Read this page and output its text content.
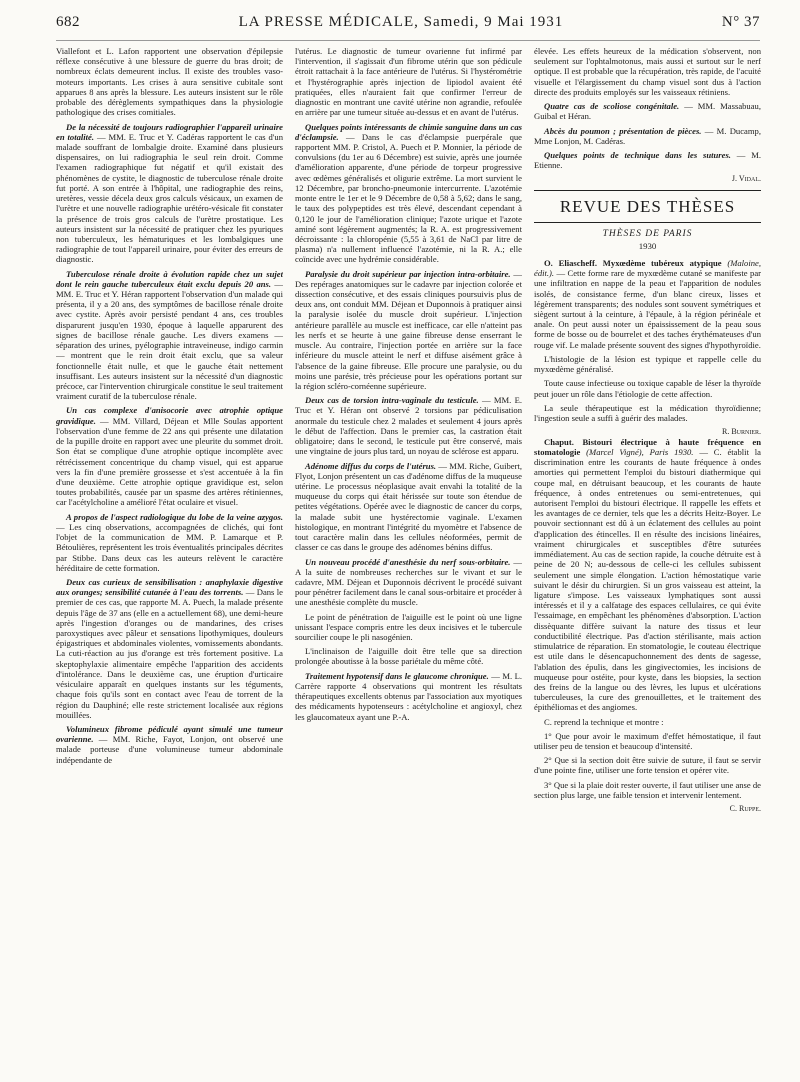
682	LA PRESSE MÉDICALE, Samedi, 9 Mai 1931	N° 37

Viallefont et L. Lafon rapportent une observation d'épilepsie réflexe consécutive à une blessure de guerre du bras droit; de nombreux éclats demeurent inclus. Il existe des troubles vaso-moteurs importants. Les crises à aura sensitive cubitale sont apparues 8 ans après la blessure. Les auteurs insistent sur le rôle probable des dérèglements sympathiques dans la physiologie pathologique des crises comitiales.

De la nécessité de toujours radiographier l'appareil urinaire en totalité. — MM. E. Truc et Y. Cadéras rapportent le cas d'un malade souffrant de lombalgie droite. Examiné dans plusieurs dispensaires, on lui radiographia le seul rein droit. Comme l'examen radiographique fut négatif et qu'il existait des phénomènes de cystite, le diagnostic de tuberculose rénale droite fut porté. A son entrée à l'hôpital, une radiographie des reins, uretères, vessie décela deux gros calculs vésicaux, un examen de l'urètre et une nouvelle radiographie urétéro-vésicale fit constater la présence de trois gros calculs de l'urètre prostatique. Les auteurs insistent sur la nécessité de pratiquer chez les pyuriques non tuberculeux, les hématuriques et les lombalgiques une radiographie de tout l'appareil urinaire, pour éviter des erreurs de diagnostic.

Tuberculose rénale droite à évolution rapide chez un sujet dont le rein gauche tuberculeux était exclu depuis 20 ans. — MM. E. Truc et Y. Héran rapportent l'observation d'un malade qui présenta, il y a 20 ans, des symptômes de bacillose rénale droite avec cystite. Après avoir persisté pendant 4 ans, ces troubles disparurent jusqu'en 1930, époque à laquelle apparurent des signes de bacillose rénale gauche. Les divers examens — séparation des urines, pyélographie intraveineuse, indigo carmin — montrent que le rein droit était exclu, que sa valeur fonctionnelle était nulle, et que le gauche était nettement insuffisant. Les auteurs insistent sur la nécessité d'un diagnostic précoce, car l'intervention chirurgicale constitue le seul traitement vraiment curatif de la tuberculose rénale.

Un cas complexe d'anisocorie avec atrophie optique gravidique. — MM. Villard, Déjean et Mlle Soulas apportent l'observation d'une femme de 22 ans qui présente une dilatation de la pupille droite en rapport avec une pleurite du sommet droit. Son état se complique d'une atrophie optique incomplète avec rétrécissement concentrique du champ visuel, qui est apparue vers la fin d'une première grossesse et s'est accentuée à la fin d'une deuxième. Cette atrophie optique gravidique est, selon toutes probabilités, causée par un spasme des artères rétiniennes, car l'acétylcholine a amélioré l'état oculaire et visuel.

A propos de l'aspect radiologique du lobe de la veine azygos. — Les cinq observations, accompagnées de clichés, qui font l'objet de la communication de MM. P. Lamarque et P. Bétoulières, représentent les trois éventualités principales décrites par Stibbe. Dans deux cas les auteurs relèvent le caractère héréditaire de cette formation.

Deux cas curieux de sensibilisation : anaphylaxie digestive aux oranges; sensibilité cutanée à l'eau des torrents. — Dans le premier de ces cas, que rapporte M. A. Puech, la malade présente depuis l'âge de 37 ans (elle en a actuellement 68), une demi-heure après l'ingestion d'oranges ou de mandarines, des crises paroxystiques avec pâleur et sensations lipothymiques, douleurs épigastriques et abdominales violentes, vomissements abondants. La cuti-réaction au jus d'orange est très fortement positive. La skeptophylaxie alimentaire empêche l'apparition des accidents d'intolérance. Dans le deuxième cas, une éruption d'urticaire vésiculaire apparaît en quelques instants sur les téguments, chaque fois qu'ils sont en contact avec l'eau de torrent de la région du Dauphiné; elle reste strictement localisée aux régions mouillées.

Volumineux fibrome pédiculé ayant simulé une tumeur ovarienne. — MM. Riche, Fayot, Lonjon, ont observé une malade porteuse d'une volumineuse tumeur abdominale indépendante de

l'utérus. Le diagnostic de tumeur ovarienne fut infirmé par l'intervention, il s'agissait d'un fibrome utérin que son pédicule étroit rattachait à la face antérieure de l'utérus. Si l'hystérométrie et l'hystérographie après injection de lipiodol avaient été pratiquées, elles n'auraient fait que confirmer l'erreur de diagnostic en montrant une cavité utérine non agrandie, refoulée en arrière par une tumeur située au-dessus et en avant de l'utérus.

Quelques points intéressants de chimie sanguine dans un cas d'éclampsie. — Dans le cas d'éclampsie puerpérale que rapportent MM. P. Cristol, A. Puech et P. Monnier, la période de convulsions (du 1er au 6 Décembre) est suivie, après une journée d'amélioration apparente, d'une période de torpeur progressive avec œdèmes généralisés et oligurie extrême. La mort survient le 12 Décembre, par broncho-pneumonie intercurrente. L'azotémie monte entre le 1er et le 9 Décembre de 0,58 à 5,62; dans le sang, le taux des polypeptides est très élevé, descendant cependant à 0,120 le jour de l'amélioration clinique; l'azote urique et l'azote aminé sont légèrement augmentés; la R. A. est progressivement décroissante : la chloropénie (5,55 à 3,61 de NaCl par litre de plasma) n'a nullement influencé l'azotémie, ni la R. A.; elle coïncide avec une hydrémie considérable.

Paralysie du droit supérieur par injection intra-orbitaire. — Des repérages anatomiques sur le cadavre par injection colorée et dissection consécutive, et des essais cliniques poursuivis plus de deux ans, ont conduit MM. Déjean et Duponnois à pratiquer ainsi la paralysie isolée du muscle droit supérieur. L'injection antérieure parallèle au muscle est inefficace, car elle n'atteint pas les nerfs et se heurte à une gaine fibreuse dense enserrant le muscle. Au contraire, l'injection portée en arrière sur la face inférieure du muscle atteint le nerf et diffuse aisément grâce à l'absence de la gaine fibreuse. Elle procure une paralysie, ou du moins une parésie, très précieuse pour les opérations portant sur la région scléro-cornéenne supérieure.

Deux cas de torsion intra-vaginale du testicule. — MM. E. Truc et Y. Héran ont observé 2 torsions par pédiculisation anormale du testicule chez 2 malades et seulement 4 jours après le début de l'affection. Dans le premier cas, la castration était obligatoire; dans le second, le testicule put être conservé, mais une vingtaine de jours plus tard, un noyau de sclérose est apparu.

Adénome diffus du corps de l'utérus. — MM. Riche, Guibert, Flyot, Lonjon présentent un cas d'adénome diffus de la muqueuse utérine. Le processus néoplasique avait envahi la totalité de la muqueuse du corps qui était hérissée sur toute son étendue de petites végétations. Opérée avec le diagnostic de cancer du corps, la malade subit une hystérectomie vaginale. L'examen histologique, en montrant l'intégrité du myomètre et l'absence de tout caractère malin dans les cellules néoformées, permit de classer ce cas dans le groupe des adénomes bénins diffus.

Un nouveau procédé d'anesthésie du nerf sous-orbitaire. — A la suite de nombreuses recherches sur le vivant et sur le cadavre, MM. Déjean et Duponnois décrivent le procédé suivant pour pénétrer facilement dans le canal sous-orbitaire et procéder à une anesthésie complète du muscle.

Le point de pénétration de l'aiguille est le point où une ligne unissant l'espace compris entre les deux incisives et le tubercule sourcilier coupe le pli nasogénien.

L'inclinaison de l'aiguille doit être telle que sa direction prolongée aboutisse à la bosse pariétale du même côté.

Traitement hypotensif dans le glaucome chronique. — M. L. Carrère rapporte 4 observations qui montrent les résultats thérapeutiques excellents obtenus par l'association aux myotiques des médicaments hypotenseurs : acétylcholine et angioxyl, chez les glaucomateux ayant une P.-A.

élevée. Les effets heureux de la médication s'observent, non seulement sur l'ophtalmotonus, mais aussi et surtout sur le nerf optique. Il est probable que la récupération, très rapide, de l'acuité visuelle et l'élargissement du champ visuel sont dus à l'action directe des produits employés sur les vaisseaux rétiniens.

Quatre cas de scoliose congénitale. — MM. Massabuau, Guibal et Héran.

Abcès du poumon ; présentation de pièces. — M. Ducamp, Mme Lonjon, M. Cadéras.

Quelques points de technique dans les sutures. — M. Etienne.

J. Vidal.
REVUE DES THÈSES
THÈSES DE PARIS
1930

O. Eliascheff. Myxœdème tubéreux atypique (Maloine, édit.). — Cette forme rare de myxœdème cutané se manifeste par une infiltration en nappe de la peau et l'apparition de nodules isolés, de consistance ferme, d'un blanc cireux, lisses et légèrement transparents; des nodules sont souvent symétriques et siègent surtout à la ceinture, à l'épaule, à la région périnéale et anale. On peut aussi noter un épaississement de la peau sous forme de bosse ou de bourrelet et des taches érythémateuses d'un rouge vif. Le malade présente souvent des signes d'hypothyroïdie.

L'histologie de la lésion est typique et rappelle celle du myxœdème généralisé.

Toute cause infectieuse ou toxique capable de léser la thyroïde peut jouer un rôle dans l'étiologie de cette affection.

La seule thérapeutique est la médication thyroïdienne; l'ingestion seule a suffi à guérir des malades.

R. Burnier.

Chaput. Bistouri électrique à haute fréquence en stomatologie (Marcel Vigné), Paris 1930. — C. établit la discrimination entre les courants de haute fréquence à ondes amorties qui permettent l'emploi du bistouri diathermique qui coupe mal, en détruisant beaucoup, et les courants de haute fréquence, à ondes entretenues ou semi-entretenues, qui autorisent l'emploi du bistouri électrique. Il rappelle les effets et les avantages de ce dernier, tels que les a décrits Heitz-Boyer. Le pouvoir sectionnant est dû à un éclatement des cellules au point d'application des étincelles. Il en résulte des incisions linéaires, vraiment chirurgicales et susceptibles d'être suturées immédiatement. Au cas de section rapide, la couche détruite est à peine de 20 N; au-dessous de celle-ci les cellules subissent seulement une simple élongation. L'action hémostatique varie suivant le désir du chirurgien. Si un gros vaisseau est atteint, la ligature s'impose. Les vaisseaux lymphatiques sont aussi intéressés et il y a calfatage des espaces cellulaires, ce qui évite l'essaimage, en empêchant les phénomènes d'absorption. L'action dissèquante diffère suivant la nature des tissus et leur conductibilité électrique. Pas d'action stérilisante, mais action stimulatrice de réparation. En stomatologie, le couteau électrique est utile dans le désencapuchonnement des dents de sagesse, l'ablation des épulis, dans les gingivectomies, les incisions de muqueuse pour ostéite, pour kyste, dans les biopsies, la section des freins de la langue ou des lèvres, les lupus et ulcérations tuberculeuses, la cure des grenouillettes, et le traitement des épithéliomas et des angiomes.

C. reprend la technique et montre :

1° Que pour avoir le maximum d'effet hémostatique, il faut utiliser peu de tension et beaucoup d'intensité.

2° Que si la section doit être suivie de suture, il faut se servir d'une pointe fine, utiliser une forte tension et opérer vite.

3° Que si la plaie doit rester ouverte, il faut utiliser une anse de section plus large, une faible tension et intervenir lentement.

C. Ruppe.
